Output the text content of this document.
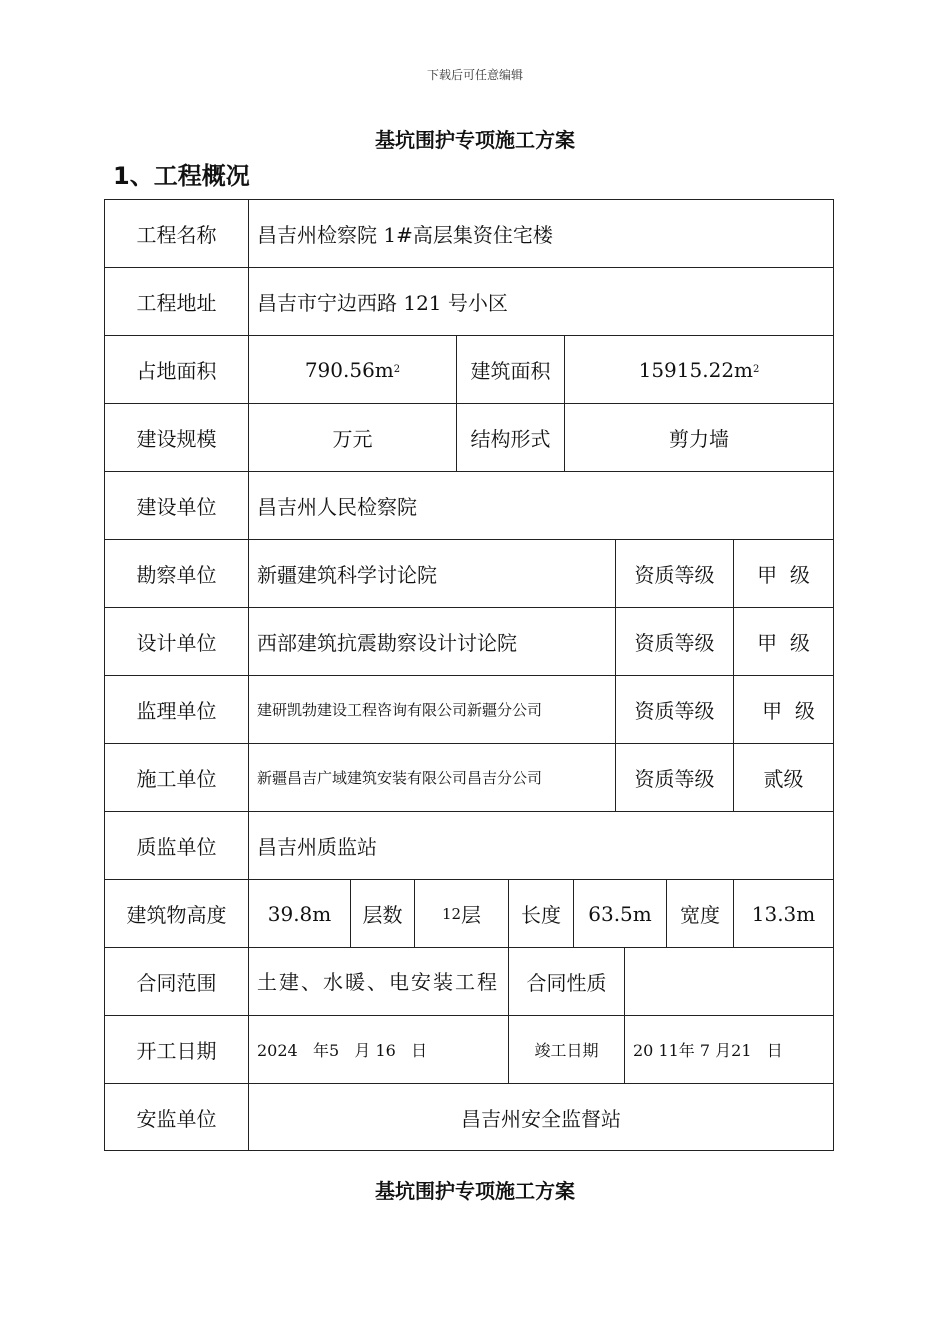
下载后可任意编辑
基坑围护专项施工方案
1、工程概况
工程名称	昌吉州检察院 1#高层集资住宅楼
工程地址	昌吉市宁边西路 121 号小区
占地面积	790.56m 2	建筑面积	15915.22m 2
建设规模	万元	结构形式	剪力墙
建设单位	昌吉州人民检察院
勘察单位	新疆建筑科学讨论院	资质等级	甲  级
设计单位	西部建筑抗震勘察设计讨论院	资质等级	甲  级
监理单位	建研凯勃建设工程咨询有限公司新疆分公司	资质等级	甲  级
施工单位	新疆昌吉广域建筑安装有限公司昌吉分公司	资质等级	贰级
质监单位	昌吉州质监站
建筑物高度	39.8m	层数	12 层	长度	63.5m	宽度	13.3m
合同范围	土建、水暖、电安装工程	合同性质
开工日期	2024   年5   月 16   日	竣工日期	20 11年 7 月21   日
安监单位	昌吉州安全监督站
基坑围护专项施工方案
